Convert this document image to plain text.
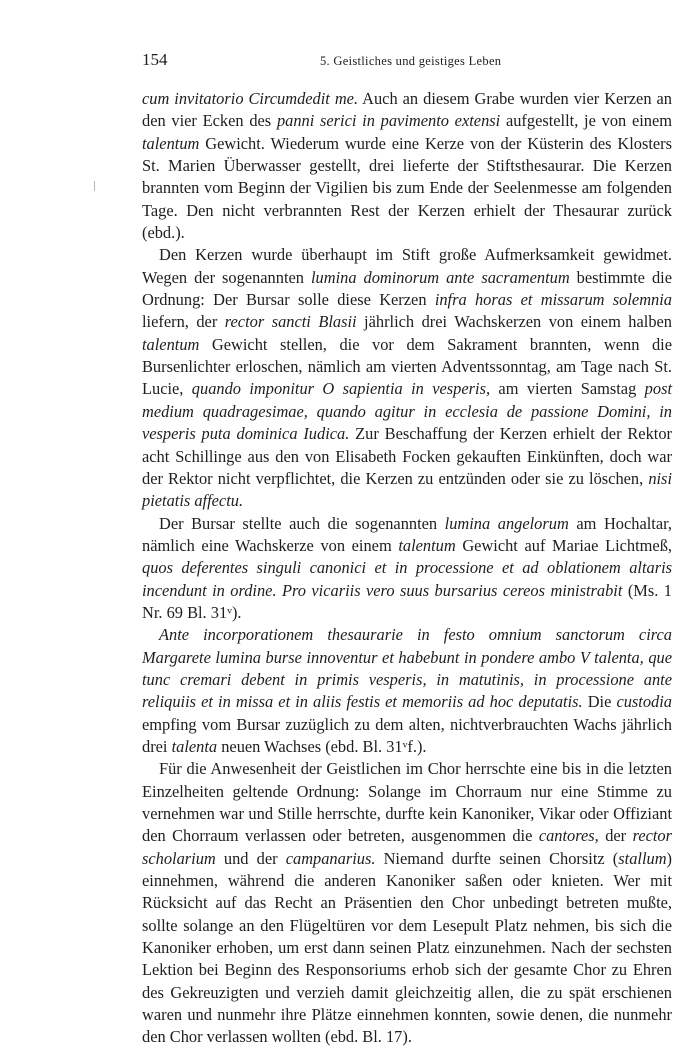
154	5. Geistliches und geistiges Leben

cum invitatorio Circumdedit me. Auch an diesem Grabe wurden vier Kerzen an den vier Ecken des panni serici in pavimento extensi aufgestellt, je von einem talentum Gewicht. Wiederum wurde eine Kerze von der Küsterin des Klosters St. Marien Überwasser gestellt, drei lieferte der Stiftsthesaurar. Die Kerzen brannten vom Beginn der Vigilien bis zum Ende der Seelenmesse am folgenden Tage. Den nicht verbrannten Rest der Kerzen erhielt der Thesaurar zurück (ebd.).

Den Kerzen wurde überhaupt im Stift große Aufmerksamkeit gewidmet. Wegen der sogenannten lumina dominorum ante sacramentum bestimmte die Ordnung: Der Bursar solle diese Kerzen infra horas et missarum solemnia liefern, der rector sancti Blasii jährlich drei Wachskerzen von einem halben talentum Gewicht stellen, die vor dem Sakrament brannten, wenn die Bursenlichter erloschen, nämlich am vierten Adventssonntag, am Tage nach St. Lucie, quando imponitur O sapientia in vesperis, am vierten Samstag post medium quadragesimae, quando agitur in ecclesia de passione Domini, in vesperis puta dominica Iudica. Zur Beschaffung der Kerzen erhielt der Rektor acht Schillinge aus den von Elisabeth Focken gekauften Einkünften, doch war der Rektor nicht verpflichtet, die Kerzen zu entzünden oder sie zu löschen, nisi pietatis affectu.

Der Bursar stellte auch die sogenannten lumina angelorum am Hochaltar, nämlich eine Wachskerze von einem talentum Gewicht auf Mariae Lichtmeß, quos deferentes singuli canonici et in processione et ad oblationem altaris incendunt in ordine. Pro vicariis vero suus bursarius cereos ministrabit (Ms. 1 Nr. 69 Bl. 31ᵛ).

Ante incorporationem thesaurarie in festo omnium sanctorum circa Margarete lumina burse innoventur et habebunt in pondere ambo V talenta, que tunc cremari debent in primis vesperis, in matutinis, in processione ante reliquiis et in missa et in aliis festis et memoriis ad hoc deputatis. Die custodia empfing vom Bursar zuzüglich zu dem alten, nichtverbrauchten Wachs jährlich drei talenta neuen Wachses (ebd. Bl. 31ᵛf.).

Für die Anwesenheit der Geistlichen im Chor herrschte eine bis in die letzten Einzelheiten geltende Ordnung: Solange im Chorraum nur eine Stimme zu vernehmen war und Stille herrschte, durfte kein Kanoniker, Vikar oder Offiziant den Chorraum verlassen oder betreten, ausgenommen die cantores, der rector scholarium und der campanarius. Niemand durfte seinen Chorsitz (stallum) einnehmen, während die anderen Kanoniker saßen oder knieten. Wer mit Rücksicht auf das Recht an Präsentien den Chor unbedingt betreten mußte, sollte solange an den Flügeltüren vor dem Lesepult Platz nehmen, bis sich die Kanoniker erhoben, um erst dann seinen Platz einzunehmen. Nach der sechsten Lektion bei Beginn des Responsoriums erhob sich der gesamte Chor zu Ehren des Gekreuzigten und verzieh damit gleichzeitig allen, die zu spät erschienen waren und nunmehr ihre Plätze einnehmen konnten, sowie denen, die nunmehr den Chor verlassen wollten (ebd. Bl. 17).
